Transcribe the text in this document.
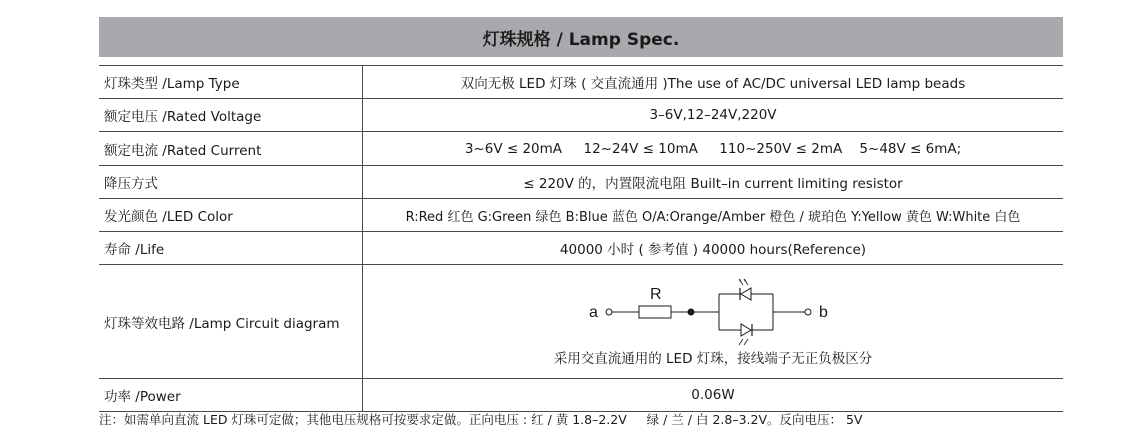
灯珠规格 / Lamp Spec.
灯珠类型 /Lamp Type	双向无极 LED 灯珠 ( 交直流通用 )The use of AC/DC universal LED lamp beads
额定电压 /Rated Voltage	3–6V,12–24V,220V
额定电流 /Rated Current	3~6V ≤ 20mA     12~24V ≤ 10mA     110~250V ≤ 2mA    5~48V ≤ 6mA;
降压方式	≤ 220V 的，内置限流电阻 Built–in current limiting resistor
发光颜色 /LED Color	R:Red 红色 G:Green 绿色 B:Blue 蓝色 O/A:Orange/Amber 橙色 / 琥珀色 Y:Yellow 黄色 W:White 白色
寿命 /Life	40000 小时 ( 参考值 ) 40000 hours(Reference)
灯珠等效电路 /Lamp Circuit diagram	a
R
b
采用交直流通用的 LED 灯珠，接线端子无正负极区分

功率 /Power	0.06W
注：如需单向直流 LED 灯珠可定做；其他电压规格可按要求定做。正向电压 : 红 / 黄 1.8–2.2V     绿 / 兰 / 白 2.8–3.2V。反向电压： 5V
